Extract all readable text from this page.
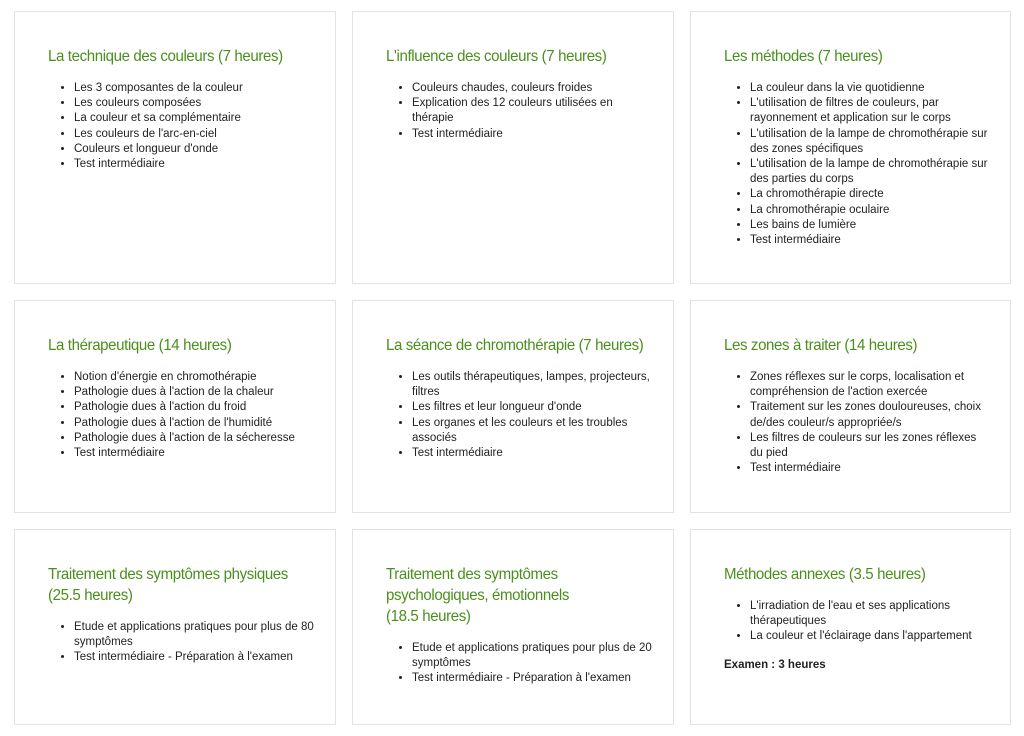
La technique des couleurs (7 heures)
• Les 3 composantes de la couleur
• Les couleurs composées
• La couleur et sa complémentaire
• Les couleurs de l'arc-en-ciel
• Couleurs et longueur d'onde
• Test intermédiaire
L'influence des couleurs (7 heures)
• Couleurs chaudes, couleurs froides
• Explication des 12 couleurs utilisées en thérapie
• Test intermédiaire
Les méthodes (7 heures)
• La couleur dans la vie quotidienne
• L'utilisation de filtres de couleurs, par rayonnement et application sur le corps
• L'utilisation de la lampe de chromothérapie sur des zones spécifiques
• L'utilisation de la lampe de chromothérapie sur des parties du corps
• La chromothérapie directe
• La chromothérapie oculaire
• Les bains de lumière
• Test intermédiaire
La thérapeutique (14 heures)
• Notion d'énergie en chromothérapie
• Pathologie dues à l'action de la chaleur
• Pathologie dues à l'action du froid
• Pathologie dues à l'action de l'humidité
• Pathologie dues à l'action de la sécheresse
• Test intermédiaire
La séance de chromothérapie (7 heures)
• Les outils thérapeutiques, lampes, projecteurs, filtres
• Les filtres et leur longueur d'onde
• Les organes et les couleurs et les troubles associés
• Test intermédiaire
Les zones à traiter (14 heures)
• Zones réflexes sur le corps, localisation et compréhension de l'action exercée
• Traitement sur les zones douloureuses, choix de/des couleur/s appropriée/s
• Les filtres de couleurs sur les zones réflexes du pied
• Test intermédiaire
Traitement des symptômes physiques (25.5 heures)
• Etude et applications pratiques pour plus de 80 symptômes
• Test intermédiaire - Préparation à l'examen
Traitement des symptômes psychologiques, émotionnels (18.5 heures)
• Etude et applications pratiques pour plus de 20 symptômes
• Test intermédiaire - Préparation à l'examen
Méthodes annexes (3.5 heures)
• L'irradiation de l'eau et ses applications thérapeutiques
• La couleur et l'éclairage dans l'appartement

Examen : 3 heures
